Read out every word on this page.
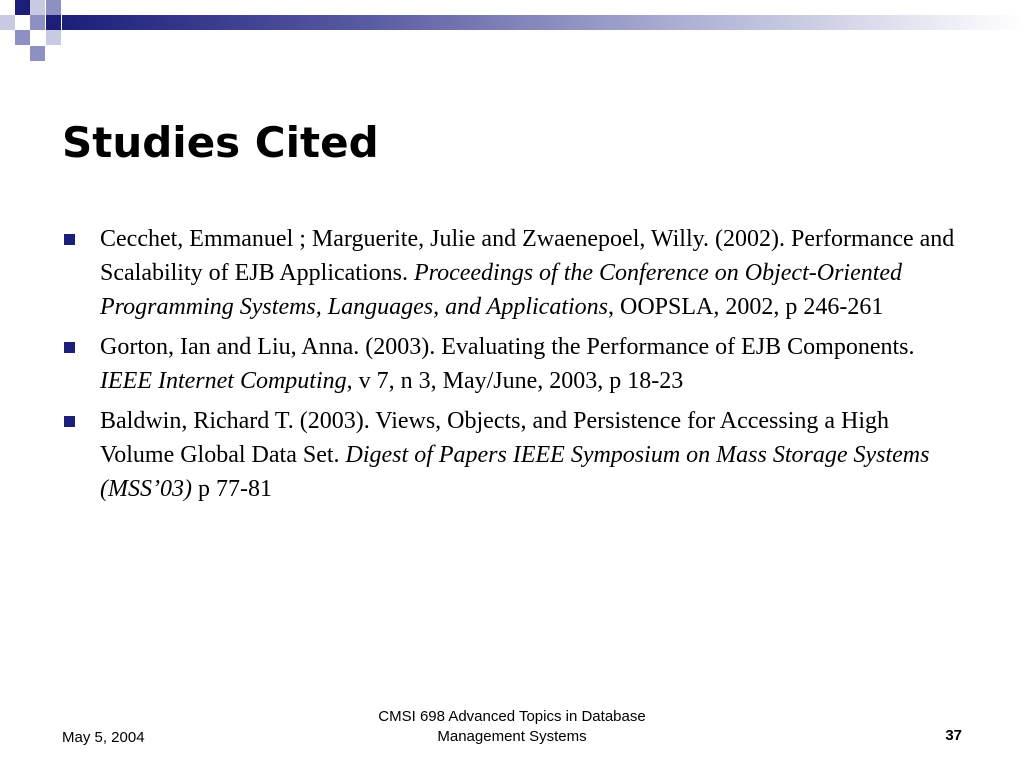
Studies Cited
Cecchet, Emmanuel ; Marguerite, Julie and Zwaenepoel, Willy. (2002). Performance and Scalability of EJB Applications. Proceedings of the Conference on Object-Oriented Programming Systems, Languages, and Applications, OOPSLA, 2002, p 246-261
Gorton, Ian and Liu, Anna. (2003). Evaluating the Performance of EJB Components. IEEE Internet Computing, v 7, n 3, May/June, 2003, p 18-23
Baldwin, Richard T. (2003). Views, Objects, and Persistence for Accessing a High Volume Global Data Set. Digest of Papers IEEE Symposium on Mass Storage Systems (MSS’03) p 77-81
May 5, 2004
CMSI 698 Advanced Topics in Database
Management Systems	37
